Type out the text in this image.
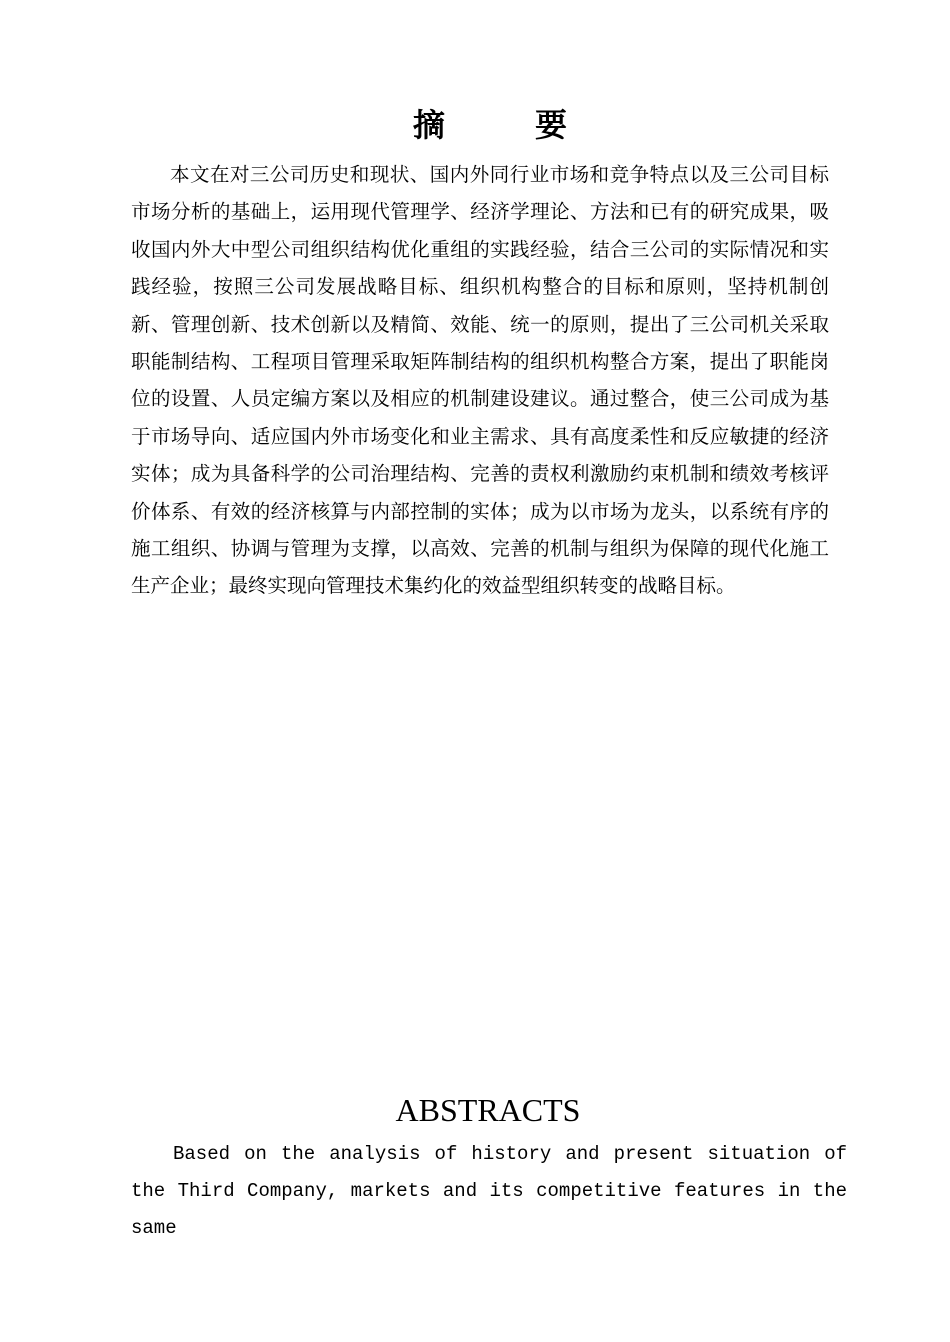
摘	要

本文在对三公司历史和现状、国内外同行业市场和竞争特点以及三公司目标市场分析的基础上，运用现代管理学、经济学理论、方法和已有的研究成果，吸收国内外大中型公司组织结构优化重组的实践经验，结合三公司的实际情况和实践经验，按照三公司发展战略目标、组织机构整合的目标和原则，坚持机制创新、管理创新、技术创新以及精简、效能、统一的原则，提出了三公司机关采取职能制结构、工程项目管理采取矩阵制结构的组织机构整合方案，提出了职能岗位的设置、人员定编方案以及相应的机制建设建议。通过整合，使三公司成为基于市场导向、适应国内外市场变化和业主需求、具有高度柔性和反应敏捷的经济实体；成为具备科学的公司治理结构、完善的责权利激励约束机制和绩效考核评价体系、有效的经济核算与内部控制的实体；成为以市场为龙头，以系统有序的施工组织、协调与管理为支撑，以高效、完善的机制与组织为保障的现代化施工生产企业；最终实现向管理技术集约化的效益型组织转变的战略目标。

ABSTRACTS

Based on the analysis of history and present situation of the Third Company, markets and its competitive features in the same
